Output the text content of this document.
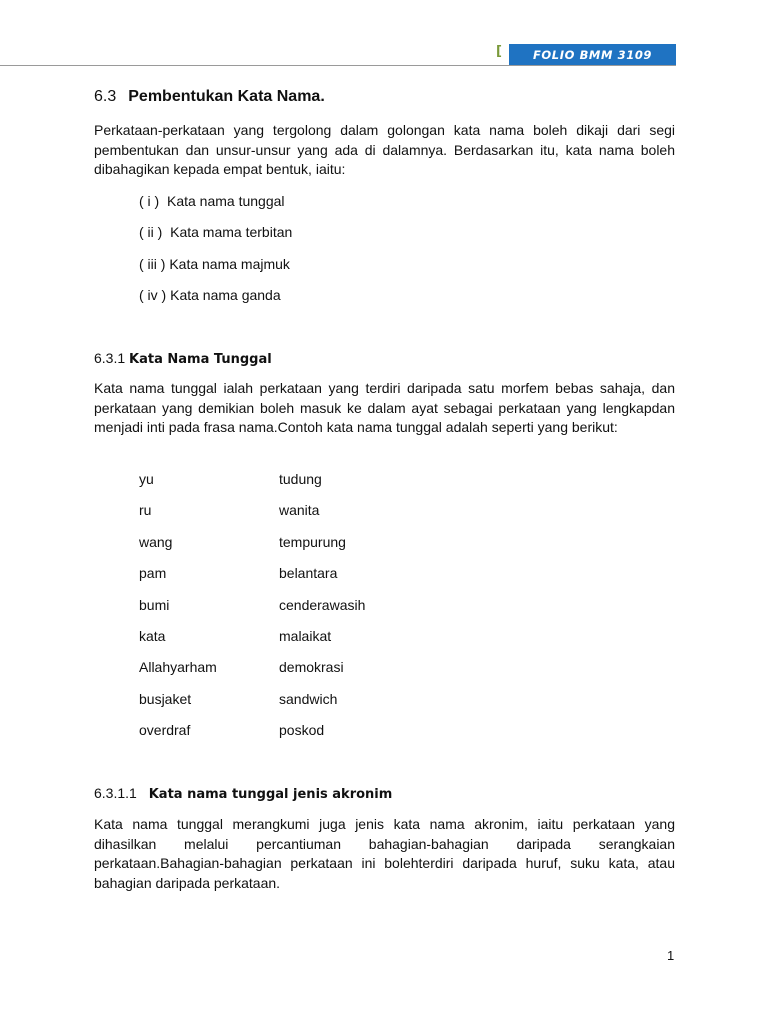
[	FOLIO BMM 3109
6.3 Pembentukan Kata Nama.

Perkataan-perkataan yang tergolong dalam golongan kata nama boleh dikaji dari segi pembentukan dan unsur-unsur yang ada di dalamnya. Berdasarkan itu, kata nama boleh dibahagikan kepada empat bentuk, iaitu:

( i )  Kata nama tunggal
( ii )  Kata mama terbitan
( iii ) Kata nama majmuk
( iv ) Kata nama ganda
6.3.1 Kata Nama Tunggal

Kata nama tunggal ialah perkataan yang terdiri daripada satu morfem bebas sahaja, dan perkataan yang demikian boleh masuk ke dalam ayat sebagai perkataan yang lengkapdan menjadi inti pada frasa nama.Contoh kata nama tunggal adalah seperti yang berikut:

yu
ru
wang
pam
bumi
kata
Allahyarham
busjaket
overdraf
tudung
wanita
tempurung
belantara
cenderawasih
malaikat
demokrasi
sandwich
poskod
6.3.1.1 Kata nama tunggal jenis akronim

Kata nama tunggal merangkumi juga jenis kata nama akronim, iaitu perkataan yang dihasilkan melalui percantiuman bahagian-bahagian daripada serangkaian perkataan.Bahagian-bahagian perkataan ini bolehterdiri daripada huruf, suku kata, atau bahagian daripada perkataan.

1
